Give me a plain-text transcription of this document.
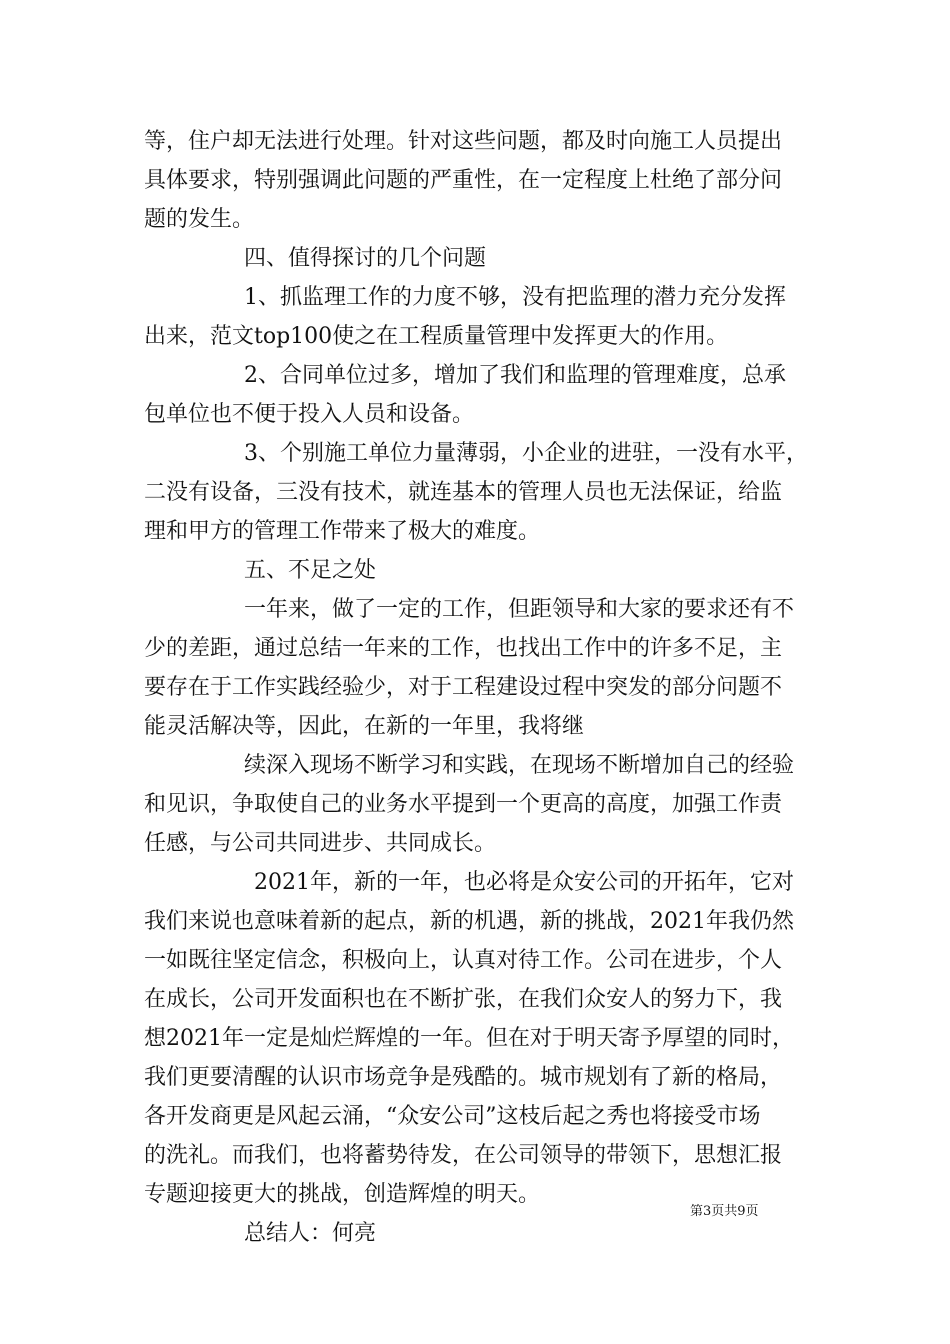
等，住户却无法进行处理。针对这些问题，都及时向施工人员提出
具体要求，特别强调此问题的严重性，在一定程度上杜绝了部分问
题的发生。
四、值得探讨的几个问题
1、抓监理工作的力度不够，没有把监理的潜力充分发挥
出来，范文top100使之在工程质量管理中发挥更大的作用。
2、合同单位过多，增加了我们和监理的管理难度，总承
包单位也不便于投入人员和设备。
3、个别施工单位力量薄弱，小企业的进驻，一没有水平，
二没有设备，三没有技术，就连基本的管理人员也无法保证，给监
理和甲方的管理工作带来了极大的难度。
五、不足之处
一年来，做了一定的工作，但距领导和大家的要求还有不
少的差距，通过总结一年来的工作，也找出工作中的许多不足，主
要存在于工作实践经验少，对于工程建设过程中突发的部分问题不
能灵活解决等，因此，在新的一年里，我将继
续深入现场不断学习和实践，在现场不断增加自己的经验
和见识，争取使自己的业务水平提到一个更高的高度，加强工作责
任感，与公司共同进步、共同成长。
2021年，新的一年，也必将是众安公司的开拓年，它对
我们来说也意味着新的起点，新的机遇，新的挑战，2021年我仍然
一如既往坚定信念，积极向上，认真对待工作。公司在进步，个人
在成长，公司开发面积也在不断扩张，在我们众安人的努力下，我
想2021年一定是灿烂辉煌的一年。但在对于明天寄予厚望的同时，
我们更要清醒的认识市场竞争是残酷的。城市规划有了新的格局，
各开发商更是风起云涌，“众安公司”这枝后起之秀也将接受市场
的洗礼。而我们，也将蓄势待发，在公司领导的带领下，思想汇报
专题迎接更大的挑战，创造辉煌的明天。
总结人：何亮
第3页共9页
